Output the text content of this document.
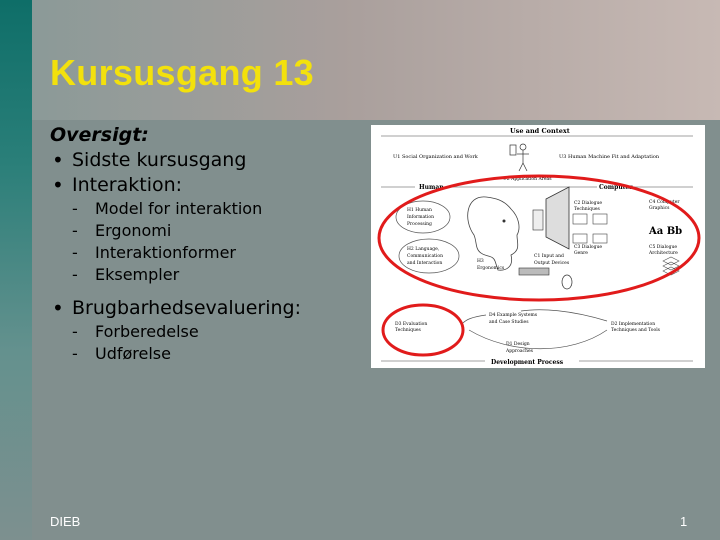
Kursusgang 13
Oversigt:
• Sidste kursusgang
• Interaktion:
- Model for interaktion
- Ergonomi
- Interaktionformer
- Eksempler
• Brugbarhedsevaluering:
- Forberedelse
- Udførelse
Use and Context
U1 Social Organization and Work	U3 Human Machine Fit and Adaptation
U2 Application Areas
Human	Computer
H1 Human
Information
Processing
H2 Language,
Communication
and Interaction	H3
Ergonomics
C1 Input and
Output Devices
C2 Dialogue
Techniques
C3 Dialogue
Genre
C4 Computer
Graphics
Aa Bb
C5 Dialogue
Architecture
D4 Example Systems
and Case Studies
D3 Evaluation
Techniques
D2 Implementation
Techniques and Tools
D1 Design
Approaches
Development Process
DIEB	1
